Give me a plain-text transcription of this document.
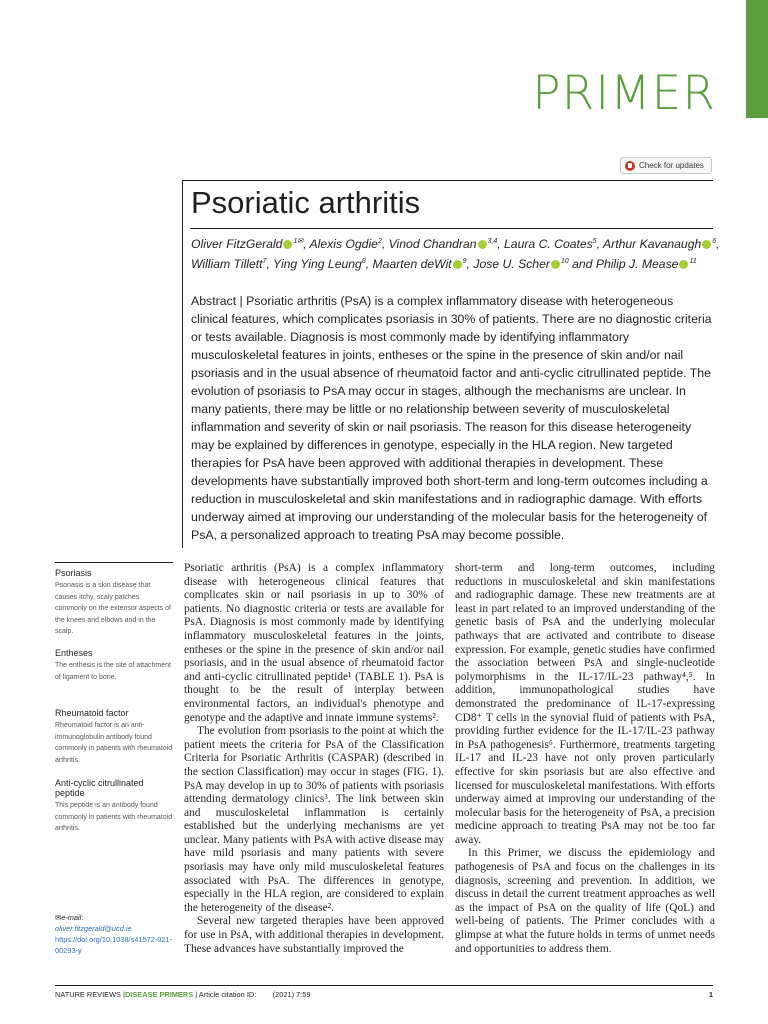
PRIMER
Check for updates
Psoriatic arthritis
Oliver FitzGerald $^{1✉}$, Alexis Ogdie$^2$, Vinod Chandran $^{3,4}$, Laura C. Coates$^5$, Arthur Kavanaugh $^6$, William Tillett$^7$, Ying Ying Leung$^8$, Maarten deWit $^9$, Jose U. Scher $^{10}$ and Philip J. Mease $^{11}$
Abstract | Psoriatic arthritis (PsA) is a complex inflammatory disease with heterogeneous clinical features, which complicates psoriasis in 30% of patients. There are no diagnostic criteria or tests available. Diagnosis is most commonly made by identifying inflammatory musculoskeletal features in joints, entheses or the spine in the presence of skin and/or nail psoriasis and in the usual absence of rheumatoid factor and anti-cyclic citrullinated peptide. The evolution of psoriasis to PsA may occur in stages, although the mechanisms are unclear. In many patients, there may be little or no relationship between severity of musculoskeletal inflammation and severity of skin or nail psoriasis. The reason for this disease heterogeneity may be explained by differences in genotype, especially in the HLA region. New targeted therapies for PsA have been approved with additional therapies in development. These developments have substantially improved both short-term and long-term outcomes including a reduction in musculoskeletal and skin manifestations and in radiographic damage. With efforts underway aimed at improving our understanding of the molecular basis for the heterogeneity of PsA, a personalized approach to treating PsA may become possible.
Psoriasis
Psoriasis is a skin disease that causes itchy, scaly patches commonly on the extensor aspects of the knees and elbows and in the scalp.
Entheses
The enthesis is the site of attachment of ligament to bone.
Rheumatoid factor
Rheumatoid factor is an anti-immunoglobulin antibody found commonly in patients with rheumatoid arthritis.
Anti-cyclic citrullinated peptide
This peptide is an antibody found commonly in patients with rheumatoid arthritis.
✉e-mail:
oliver.fitzgerald@ucd.ie
https://doi.org/10.1038/s41572-021-00293-y

Psoriatic arthritis (PsA) is a complex inflammatory disease with heterogeneous clinical features that complicates skin or nail psoriasis in up to 30% of patients. No diagnostic criteria or tests are available for PsA. Diagnosis is most commonly made by identifying inflammatory musculoskeletal features in the joints, entheses or the spine in the presence of skin and/or nail psoriasis, and in the usual absence of rheumatoid factor and anti-cyclic citrullinated peptide¹ (TABLE 1). PsA is thought to be the result of interplay between environmental factors, an individual's phenotype and genotype and the adaptive and innate immune systems².

The evolution from psoriasis to the point at which the patient meets the criteria for PsA of the Classification Criteria for Psoriatic Arthritis (CASPAR) (described in the section Classification) may occur in stages (FIG. 1). PsA may develop in up to 30% of patients with psoriasis attending dermatology clinics³. The link between skin and musculoskeletal inflammation is certainly established but the underlying mechanisms are yet unclear. Many patients with PsA with active disease may have mild psoriasis and many patients with severe psoriasis may have only mild musculoskeletal features associated with PsA. The differences in genotype, especially in the HLA region, are considered to explain the heterogeneity of the disease².

Several new targeted therapies have been approved for use in PsA, with additional therapies in development. These advances have substantially improved the

short-term and long-term outcomes, including reductions in musculoskeletal and skin manifestations and radiographic damage. These new treatments are at least in part related to an improved understanding of the genetic basis of PsA and the underlying molecular pathways that are activated and contribute to disease expression. For example, genetic studies have confirmed the association between PsA and single-nucleotide polymorphisms in the IL-17/IL-23 pathway⁴,⁵. In addition, immunopathological studies have demonstrated the predominance of IL-17-expressing CD8⁺ T cells in the synovial fluid of patients with PsA, providing further evidence for the IL-17/IL-23 pathway in PsA pathogenesis⁶. Furthermore, treatments targeting IL-17 and IL-23 have not only proven particularly effective for skin psoriasis but are also effective and licensed for musculoskeletal manifestations. With efforts underway aimed at improving our understanding of the molecular basis for the heterogeneity of PsA, a precision medicine approach to treating PsA may not be too far away.

In this Primer, we discuss the epidemiology and pathogenesis of PsA and focus on the challenges in its diagnosis, screening and prevention. In addition, we discuss in detail the current treatment approaches as well as the impact of PsA on the quality of life (QoL) and well-being of patients. The Primer concludes with a glimpse at what the future holds in terms of unmet needs and opportunities to address them.

NATURE REVIEWS | DISEASE PRIMERS | Article citation ID:        (2021) 7:59	1
